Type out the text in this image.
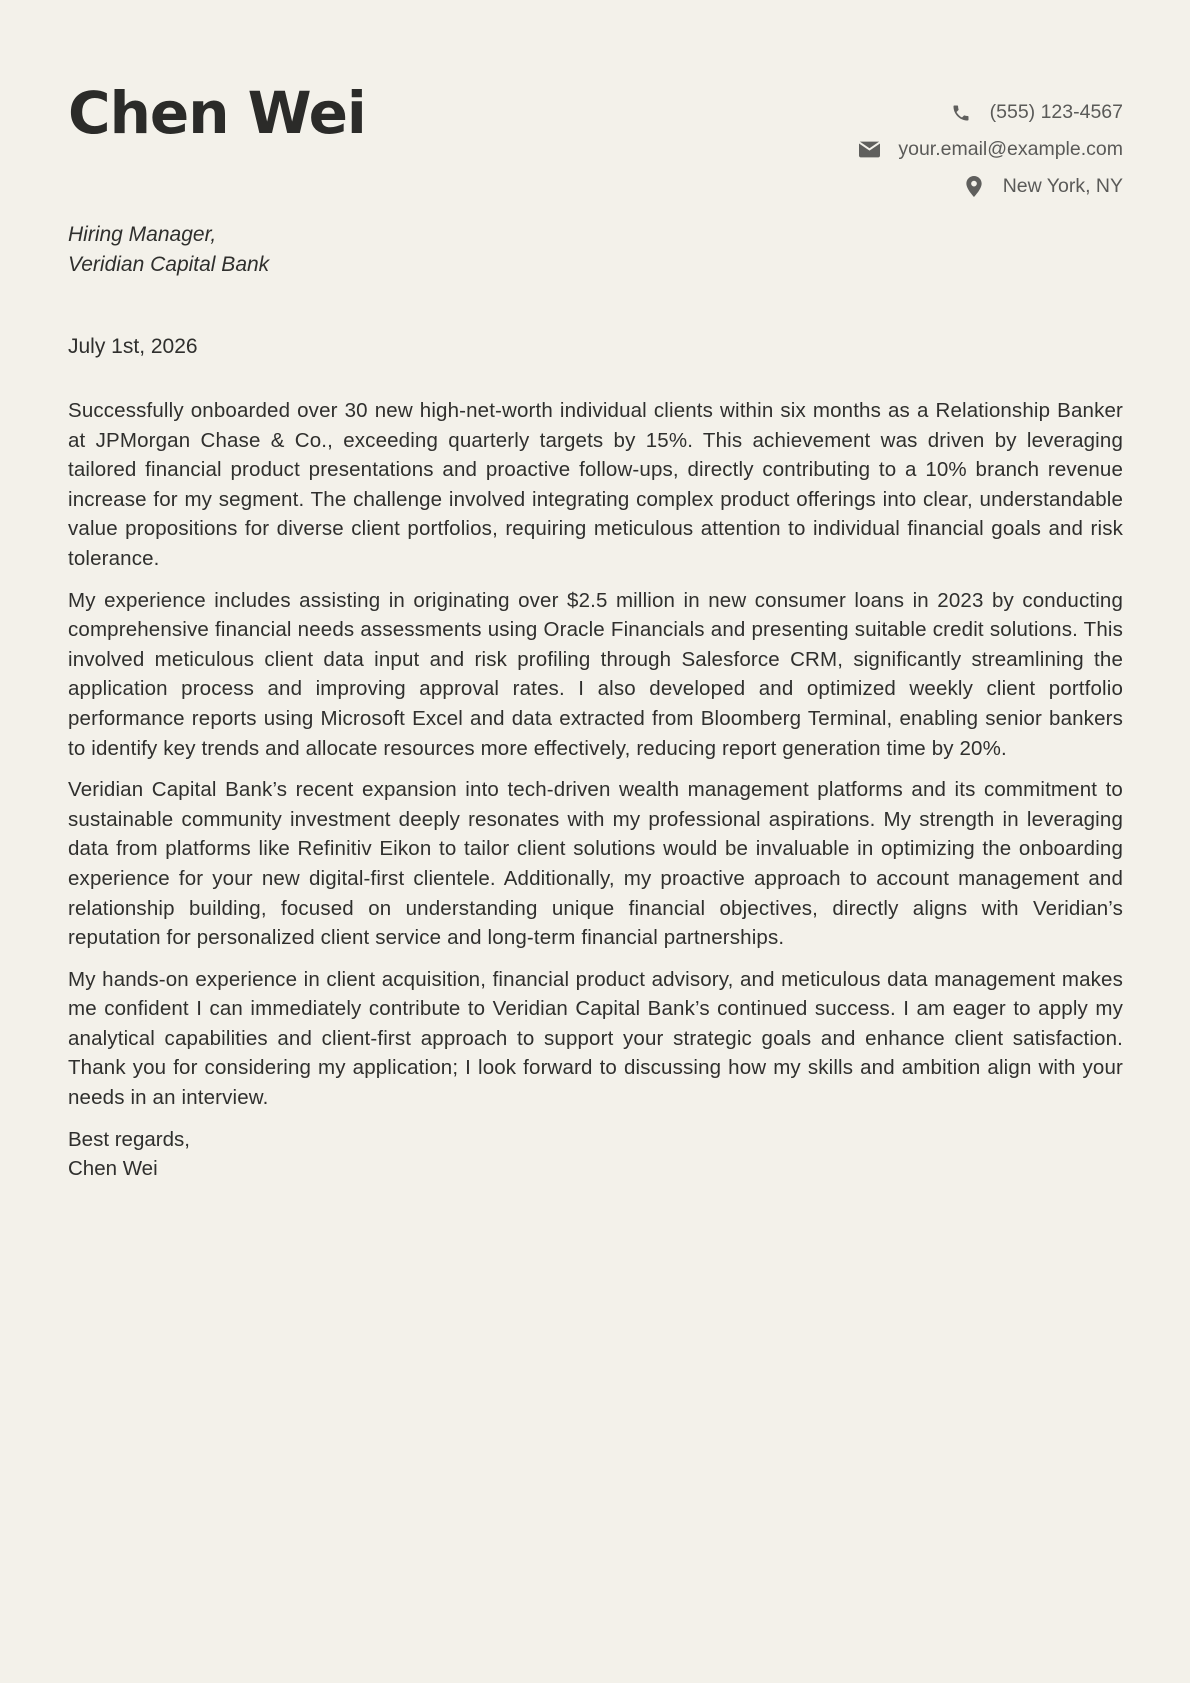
Chen Wei	(555) 123-4567
your.email@example.com
New York, NY
Hiring Manager,
Veridian Capital Bank
July 1st, 2026

Successfully onboarded over 30 new high-net-worth individual clients within six months as a Relationship Banker at JPMorgan Chase & Co., exceeding quarterly targets by 15%. This achievement was driven by leveraging tailored financial product presentations and proactive follow-ups, directly contributing to a 10% branch revenue increase for my segment. The challenge involved integrating complex product offerings into clear, understandable value propositions for diverse client portfolios, requiring meticulous attention to individual financial goals and risk tolerance.

My experience includes assisting in originating over $2.5 million in new consumer loans in 2023 by conducting comprehensive financial needs assessments using Oracle Financials and presenting suitable credit solutions. This involved meticulous client data input and risk profiling through Salesforce CRM, significantly streamlining the application process and improving approval rates. I also developed and optimized weekly client portfolio performance reports using Microsoft Excel and data extracted from Bloomberg Terminal, enabling senior bankers to identify key trends and allocate resources more effectively, reducing report generation time by 20%.

Veridian Capital Bank’s recent expansion into tech-driven wealth management platforms and its commitment to sustainable community investment deeply resonates with my professional aspirations. My strength in leveraging data from platforms like Refinitiv Eikon to tailor client solutions would be invaluable in optimizing the onboarding experience for your new digital-first clientele. Additionally, my proactive approach to account management and relationship building, focused on understanding unique financial objectives, directly aligns with Veridian’s reputation for personalized client service and long-term financial partnerships.

My hands-on experience in client acquisition, financial product advisory, and meticulous data management makes me confident I can immediately contribute to Veridian Capital Bank’s continued success. I am eager to apply my analytical capabilities and client-first approach to support your strategic goals and enhance client satisfaction. Thank you for considering my application; I look forward to discussing how my skills and ambition align with your needs in an interview.

Best regards,
Chen Wei
